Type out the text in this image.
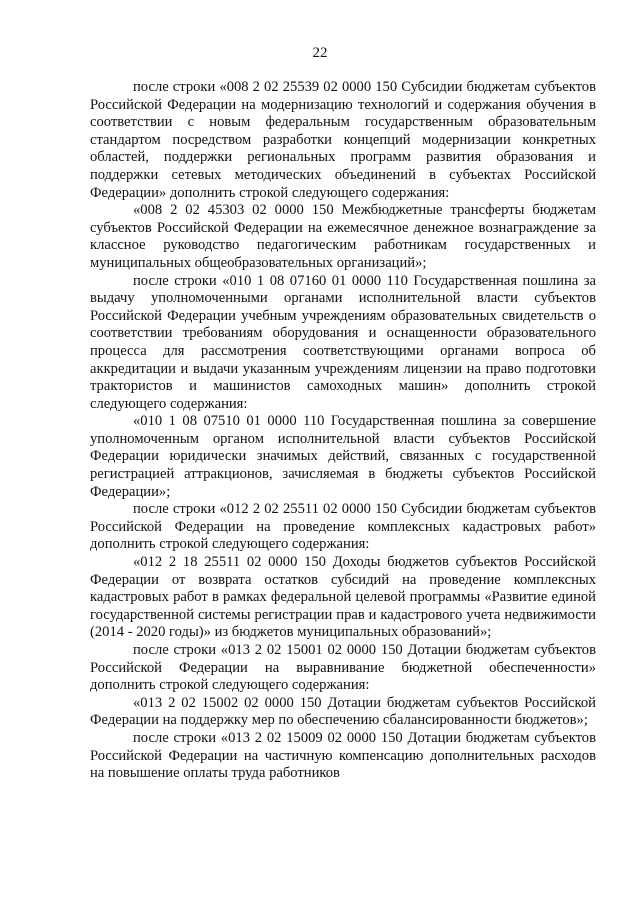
22

после строки «008 2 02 25539 02 0000 150 Субсидии бюджетам субъектов Российской Федерации на модернизацию технологий и содержания обучения в соответствии с новым федеральным государственным образовательным стандартом посредством разработки концепций модернизации конкретных областей, поддержки региональных программ развития образования и поддержки сетевых методических объединений в субъектах Российской Федерации» дополнить строкой следующего содержания:

«008 2 02 45303 02 0000 150 Межбюджетные трансферты бюджетам субъектов Российской Федерации на ежемесячное денежное вознаграждение за классное руководство педагогическим работникам государственных и муниципальных общеобразовательных организаций»;

после строки «010 1 08 07160 01 0000 110 Государственная пошлина за выдачу уполномоченными органами исполнительной власти субъектов Российской Федерации учебным учреждениям образовательных свидетельств о соответствии требованиям оборудования и оснащенности образовательного процесса для рассмотрения соответствующими органами вопроса об аккредитации и выдачи указанным учреждениям лицензии на право подготовки трактористов и машинистов самоходных машин» дополнить строкой следующего содержания:

«010 1 08 07510 01 0000 110 Государственная пошлина за совершение уполномоченным органом исполнительной власти субъектов Российской Федерации юридически значимых действий, связанных с государственной регистрацией аттракционов, зачисляемая в бюджеты субъектов Российской Федерации»;

после строки «012 2 02 25511 02 0000 150 Субсидии бюджетам субъектов Российской Федерации на проведение комплексных кадастровых работ» дополнить строкой следующего содержания:

«012 2 18 25511 02 0000 150 Доходы бюджетов субъектов Российской Федерации от возврата остатков субсидий на проведение комплексных кадастровых работ в рамках федеральной целевой программы «Развитие единой государственной системы регистрации прав и кадастрового учета недвижимости (2014 - 2020 годы)» из бюджетов муниципальных образований»;

после строки «013 2 02 15001 02 0000 150 Дотации бюджетам субъектов Российской Федерации на выравнивание бюджетной обеспеченности» дополнить строкой следующего содержания:

«013 2 02 15002 02 0000 150 Дотации бюджетам субъектов Российской Федерации на поддержку мер по обеспечению сбалансированности бюджетов»;

после строки «013 2 02 15009 02 0000 150 Дотации бюджетам субъектов Российской Федерации на частичную компенсацию дополнительных расходов на повышение оплаты труда работников
